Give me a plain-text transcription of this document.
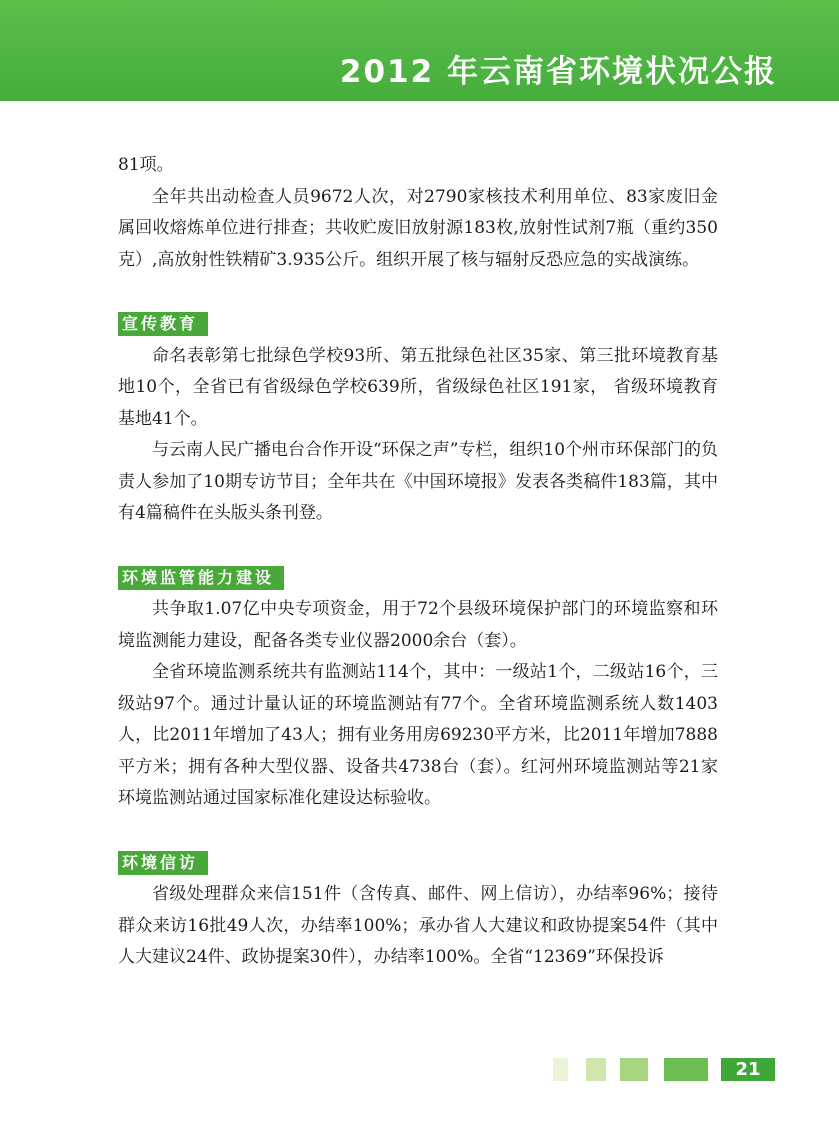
2012 年云南省环境状况公报

81项。

全年共出动检查人员9672人次，对2790家核技术利用单位、83家废旧金属回收熔炼单位进行排查；共收贮废旧放射源183枚,放射性试剂7瓶（重约350克）,高放射性铁精矿3.935公斤。组织开展了核与辐射反恐应急的实战演练。

宣传教育

命名表彰第七批绿色学校93所、第五批绿色社区35家、第三批环境教育基地10个，全省已有省级绿色学校639所，省级绿色社区191家， 省级环境教育基地41个。

与云南人民广播电台合作开设“环保之声”专栏，组织10个州市环保部门的负责人参加了10期专访节目；全年共在《中国环境报》发表各类稿件183篇，其中有4篇稿件在头版头条刊登。

环境监管能力建设

共争取1.07亿中央专项资金，用于72个县级环境保护部门的环境监察和环境监测能力建设，配备各类专业仪器2000余台（套）。

全省环境监测系统共有监测站114个，其中：一级站1个，二级站16个，三级站97个。通过计量认证的环境监测站有77个。全省环境监测系统人数1403人，比2011年增加了43人；拥有业务用房69230平方米，比2011年增加7888平方米；拥有各种大型仪器、设备共4738台（套）。红河州环境监测站等21家环境监测站通过国家标准化建设达标验收。

环境信访

省级处理群众来信151件（含传真、邮件、网上信访），办结率96%；接待群众来访16批49人次，办结率100%；承办省人大建议和政协提案54件（其中人大建议24件、政协提案30件），办结率100%。全省“12369”环保投诉

21
